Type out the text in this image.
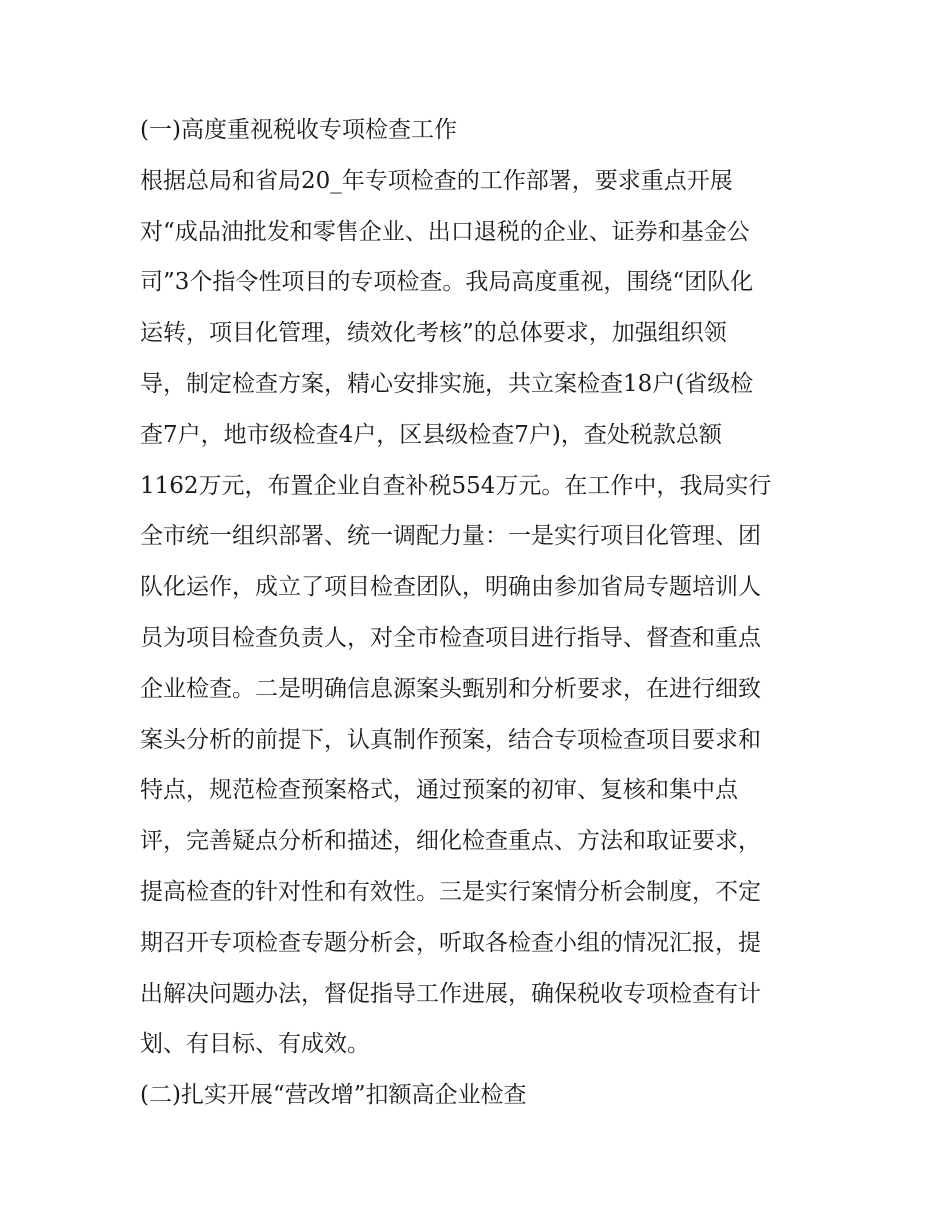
(一)高度重视税收专项检查工作
根据总局和省局20_年专项检查的工作部署，要求重点开展
对“成品油批发和零售企业、出口退税的企业、证券和基金公
司”3个指令性项目的专项检查。我局高度重视，围绕“团队化
运转，项目化管理，绩效化考核”的总体要求，加强组织领
导，制定检查方案，精心安排实施，共立案检查18户(省级检
查7户，地市级检查4户，区县级检查7户)，查处税款总额
1162万元，布置企业自查补税554万元。在工作中，我局实行
全市统一组织部署、统一调配力量：一是实行项目化管理、团
队化运作，成立了项目检查团队，明确由参加省局专题培训人
员为项目检查负责人，对全市检查项目进行指导、督查和重点
企业检查。二是明确信息源案头甄别和分析要求，在进行细致
案头分析的前提下，认真制作预案，结合专项检查项目要求和
特点，规范检查预案格式，通过预案的初审、复核和集中点
评，完善疑点分析和描述，细化检查重点、方法和取证要求，
提高检查的针对性和有效性。三是实行案情分析会制度，不定
期召开专项检查专题分析会，听取各检查小组的情况汇报，提
出解决问题办法，督促指导工作进展，确保税收专项检查有计
划、有目标、有成效。
(二)扎实开展“营改增”扣额高企业检查
